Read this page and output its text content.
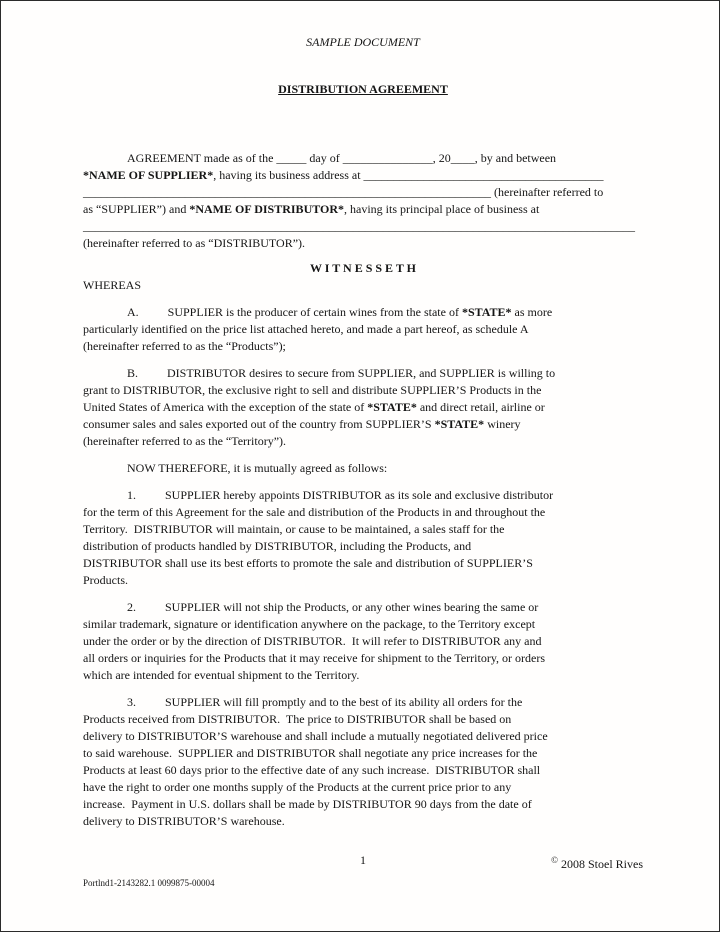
SAMPLE DOCUMENT
DISTRIBUTION AGREEMENT

AGREEMENT made as of the _____ day of _______________, 20____, by and between
*NAME OF SUPPLIER*, having its business address at ________________________________________
____________________________________________________________________ (hereinafter referred to
as “SUPPLIER”) and *NAME OF DISTRIBUTOR*, having its principal place of business at
____________________________________________________________________________________________
(hereinafter referred to as “DISTRIBUTOR”).

W I T N E S S E T H

WHEREAS

A. SUPPLIER is the producer of certain wines from the state of *STATE* as more
particularly identified on the price list attached hereto, and made a part hereof, as schedule A
(hereinafter referred to as the “Products”);

B. DISTRIBUTOR desires to secure from SUPPLIER, and SUPPLIER is willing to
grant to DISTRIBUTOR, the exclusive right to sell and distribute SUPPLIER’S Products in the
United States of America with the exception of the state of *STATE* and direct retail, airline or
consumer sales and sales exported out of the country from SUPPLIER’S *STATE* winery
(hereinafter referred to as the “Territory”).

NOW THEREFORE, it is mutually agreed as follows:

1. SUPPLIER hereby appoints DISTRIBUTOR as its sole and exclusive distributor
for the term of this Agreement for the sale and distribution of the Products in and throughout the
Territory.  DISTRIBUTOR will maintain, or cause to be maintained, a sales staff for the
distribution of products handled by DISTRIBUTOR, including the Products, and
DISTRIBUTOR shall use its best efforts to promote the sale and distribution of SUPPLIER’S
Products.

2. SUPPLIER will not ship the Products, or any other wines bearing the same or
similar trademark, signature or identification anywhere on the package, to the Territory except
under the order or by the direction of DISTRIBUTOR.  It will refer to DISTRIBUTOR any and
all orders or inquiries for the Products that it may receive for shipment to the Territory, or orders
which are intended for eventual shipment to the Territory.

3. SUPPLIER will fill promptly and to the best of its ability all orders for the
Products received from DISTRIBUTOR.  The price to DISTRIBUTOR shall be based on
delivery to DISTRIBUTOR’S warehouse and shall include a mutually negotiated delivered price
to said warehouse.  SUPPLIER and DISTRIBUTOR shall negotiate any price increases for the
Products at least 60 days prior to the effective date of any such increase.  DISTRIBUTOR shall
have the right to order one months supply of the Products at the current price prior to any
increase.  Payment in U.S. dollars shall be made by DISTRIBUTOR 90 days from the date of
delivery to DISTRIBUTOR’S warehouse.

1	© 2008 Stoel Rives
Portlnd1-2143282.1 0099875-00004
